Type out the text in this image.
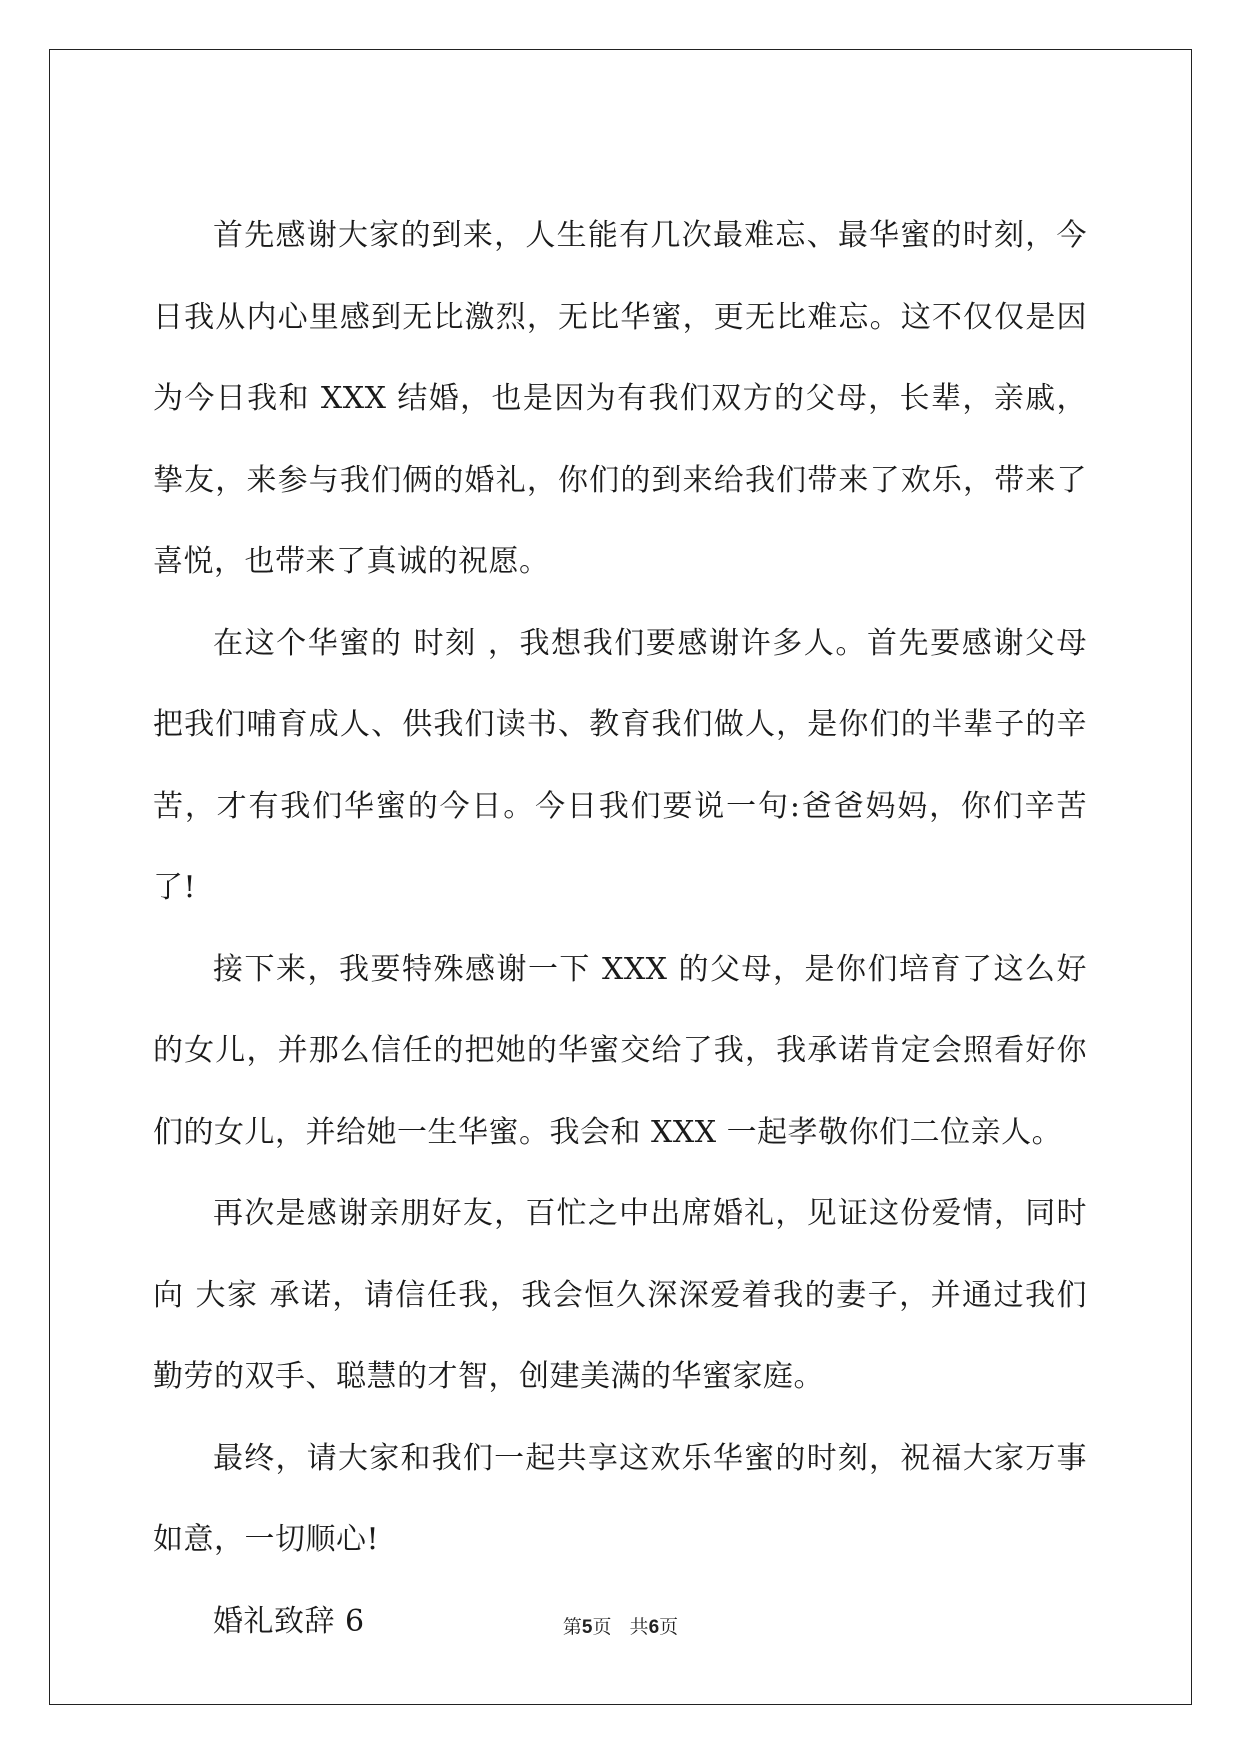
首先感谢大家的到来，人生能有几次最难忘、最华蜜的时刻，今日我从内心里感到无比激烈，无比华蜜，更无比难忘。这不仅仅是因为今日我和 XXX 结婚，也是因为有我们双方的父母，长辈，亲戚，挚友，来参与我们俩的婚礼，你们的到来给我们带来了欢乐，带来了喜悦，也带来了真诚的祝愿。

在这个华蜜的 时刻 ，我想我们要感谢许多人。首先要感谢父母把我们哺育成人、供我们读书、教育我们做人，是你们的半辈子的辛苦，才有我们华蜜的今日。今日我们要说一句:爸爸妈妈，你们辛苦了!

接下来，我要特殊感谢一下 XXX 的父母，是你们培育了这么好的女儿，并那么信任的把她的华蜜交给了我，我承诺肯定会照看好你们的女儿，并给她一生华蜜。我会和 XXX 一起孝敬你们二位亲人。

再次是感谢亲朋好友，百忙之中出席婚礼，见证这份爱情，同时向 大家 承诺，请信任我，我会恒久深深爱着我的妻子，并通过我们勤劳的双手、聪慧的才智，创建美满的华蜜家庭。

最终，请大家和我们一起共享这欢乐华蜜的时刻，祝福大家万事如意，一切顺心!

婚礼致辞 6	第5页   共6页
